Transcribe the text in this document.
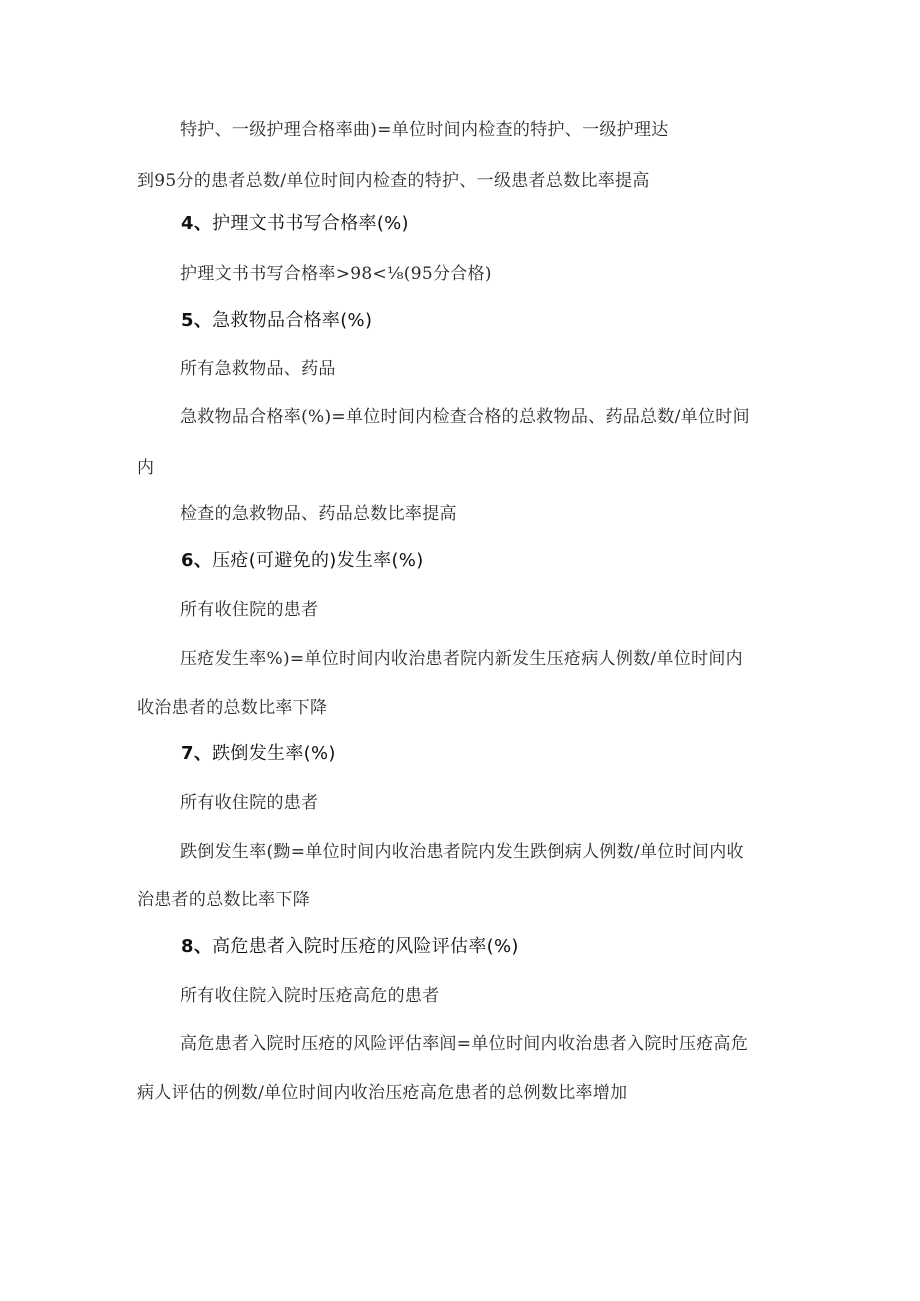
特护、一级护理合格率曲)=单位时间内检查的特护、一级护理达
到95分的患者总数/单位时间内检查的特护、一级患者总数比率提高
4、护理文书书写合格率(%)
护理文书书写合格率>98<⅛(95分合格)
5、急救物品合格率(%)
所有急救物品、药品
急救物品合格率(%)=单位时间内检查合格的总救物品、药品总数/单位时间
内
检查的急救物品、药品总数比率提高
6、压疮(可避免的)发生率(%)
所有收住院的患者
压疮发生率%)=单位时间内收治患者院内新发生压疮病人例数/单位时间内
收治患者的总数比率下降
7、跌倒发生率(%)
所有收住院的患者
跌倒发生率(黝=单位时间内收治患者院内发生跌倒病人例数/单位时间内收
治患者的总数比率下降
8、高危患者入院时压疮的风险评估率(%)
所有收住院入院时压疮高危的患者
高危患者入院时压疮的风险评估率闾=单位时间内收治患者入院时压疮高危
病人评估的例数/单位时间内收治压疮高危患者的总例数比率增加
